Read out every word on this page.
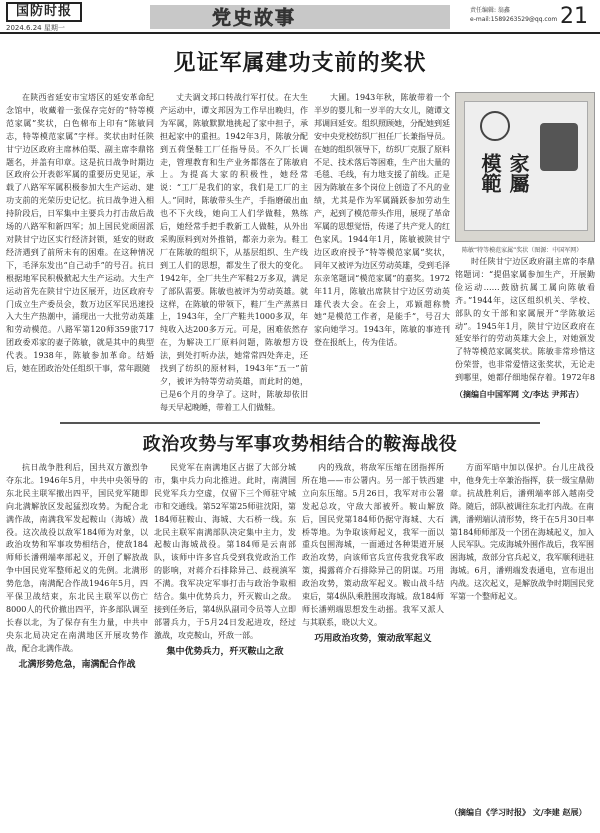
国防时报
2024.6.24 星期一	党史故事	责任编辑: 翁鑫
e-mail:1589263529@qq.com 21
见证军属建功支前的奖状
在陕西省延安市宝塔区的延安革命纪念馆中，收藏着一张保存完好的“特等模范家属”奖状，白色棉布上印有“陈敏同志，特等模范家属”字样。奖状由时任陕甘宁边区政府主席林伯渠、副主席李鼎铭题名，并盖有印章。这是抗日战争时期边区政府公开表彰军属的重要历史见证，承载了八路军军属积极参加大生产运动、建功支前的光荣历史记忆。抗日战争进入相持阶段后，日军集中主要兵力打击敌后战场的八路军和新四军；加上国民党顽固派对陕甘宁边区实行经济封锁，延安的财政经济遇到了前所未有的困难。在这种情况下，毛泽东发出“自己动手”的号召。抗日根据地军民积极掀起大生产运动。大生产运动首先在陕甘宁边区展开，边区政府专门成立生产委员会，数万边区军民迅速投入大生产热潮中，涌现出一大批劳动英雄和劳动模范。八路军第120师359旅717团政委邓家的妻子陈敏，就是其中的典型代表。1938年，陈敏参加革命。结婚后，她在团政治处任组织干事，常年跟随
丈夫调文邦口转战行军打仗。在大生产运动中，谭文邦因为工作早出晚归，作为军属，陈敏默默地挑起了家中担子，承担起家中的重担。1942年3月，陈敏分配到五荷堡鞋工厂任指导员。不久厂长调走，管理教育和生产业务都落在了陈敏肩上。为提高大家的积极性，她经常说：“工厂是我们的家，我们是工厂的主人。”同时，陈敏带头生产，手指磨破出血也不下火线，她向工人们学做鞋，熟练后，她经常手把手教新工人做鞋，从外出采购原料到对外推销，都亲力亲为。鞋工厂在陈敏的组织下，从基层组织、生产线到工人们的思想，都发生了很大的变化。1942年，全厂共生产军鞋2万多双，满足了部队需要。陈敏也被评为劳动英雄。就这样，在陈敏的带领下，鞋厂生产蒸蒸日上，1943年，全厂产鞋共1000多双，年纯收入达200多万元。可是，困难依然存在，为解决工厂原料问题，陈敏想方设法，到处打听办法，她常常四处奔走，还找到了纺织的原材料，1943年“五一”前夕，被评为特等劳动英雄，而此时的她，已是6个月的身孕了。这时，陈敏却依旧每天早起晚睡，带着工人们做鞋。
大圃。1943年秋，陈敏带着一个半岁的婴儿和一岁半的大女儿，随谭文邦调回延安。组织照顾她，分配她到延安中央党校纺织厂担任厂长兼指导员。在她的组织领导下，纺织厂克服了原料不足、技术落后等困难，生产出大量的毛毯、毛线，有力地支援了前线。正是因为陈敏在多个岗位上创造了不凡的业绩，尤其是作为军属踊跃参加劳动生产，起到了模范带头作用，展现了革命军属的思想觉悟，传递了共产党人的红色家风。1944年1月，陈敏被陕甘宁边区政府授予“特等模范家属”奖状，同年又被评为边区劳动英雄，受到毛泽东亲笔题词“模范家属”的嘉奖。1972年11月，陈敏出席陕甘宁边区劳动英雄代表大会。在会上，邓颖超称赞她“是模范工作者，是能手”，号召大家向她学习。1943年，陈敏的事迹刊登在报纸上，传为佳话。
模範 家屬
陈敏“特等模范家属”奖状（图源：中国军网）
时任陕甘宁边区政府副主席的李鼎铭题词：“提倡家属参加生产，开展勤俭运动……鼓励抗属工属向陈敏看齐。”1944年，这区组织机关、学校、部队的女干部和家属展开“学陈敏运动”。1945年1月，陕甘宁边区政府在延安举行的劳动英雄大会上，对她颁发了特等模范家属奖状。陈敏非常珍惜这份荣誉，也非常爱惜这张奖状，无论走到哪里，她都仔细地保存着。1972年8
（摘编自中国军网 文/李达 尹邦吉）
政治攻势与军事攻势相结合的鞍海战役

抗日战争胜利后，国共双方激烈争夺东北。1946年5月，中共中央领导的东北民主联军撤出四平，国民党军随即向北满解放区发起猛烈攻势。为配合北满作战，南满我军发起鞍山（海城）战役。这次战役以敌军184师为对象，以政治攻势和军事攻势相结合，使敌184师师长潘朔端率部起义，开创了解放战争中国民党军整师起义的先例。北满形势危急，南满配合作战1946年5月，四平保卫战结束，东北民主联军以伤亡8000人的代价撤出四平，许多部队调至长春以北，为了保存有生力量，中共中央东北局决定在南满地区开展攻势作战，配合北满作战。

北满形势危急，南满配合作战

民党军在南满地区占据了大部分城市，集中兵力向北推进。此时，南满国民党军兵力空虚，仅留下三个师驻守城市和交通线。第52军第25师驻沈阳，第184师驻鞍山、海城、大石桥一线。东北民主联军南满部队决定集中主力，发起鞍山海城战役。第184师是云南部队，该师中许多官兵受到我党政治工作的影响，对蒋介石排除异己、歧视滇军不满。我军决定军事打击与政治争取相结合。集中优势兵力，歼灭鞍山之敌。接到任务后，第4纵队副司令员等人立即部署兵力，于5月24日发起进攻，经过激战，攻克鞍山，歼敌一部。

集中优势兵力，歼灭鞍山之敌

内的残敌，将敌军压缩在团指挥所所在地——市公署内。另一部于铁西建立向东压缩。5月26日，我军对市公署发起总攻，守敌大部被歼。鞍山解放后，国民党第184师仍据守海城、大石桥等地。为争取该师起义，我军一面以重兵包围海城，一面通过各种渠道开展政治攻势，向该师官兵宣传我党我军政策，揭露蒋介石排除异己的阴谋。巧用政治攻势，策动敌军起义。鞍山战斗结束后，第4纵队乘胜围攻海城。敌184师师长潘朔端思想发生动摇。我军又派人与其联系，晓以大义。

巧用政治攻势，策动敌军起义
方面军暗中加以保护。台儿庄战役中，他身先士卒兼治指挥，获一级宝鼎勋章。抗战胜利后，潘朔端率部入越南受降。随后，部队被调往东北打内战。在南满，潘朔端认清形势，终于在5月30日率第184师师部及一个团在海城起义，加入人民军队。完成海城外围作战后，我军围困海城，敌部分官兵起义，我军顺利进驻海城。6月，潘朔端发表通电，宣布退出内战。这次起义，是解放战争时期国民党军第一个整师起义。
（摘编自《学习时报》 文/李建 赵展）
